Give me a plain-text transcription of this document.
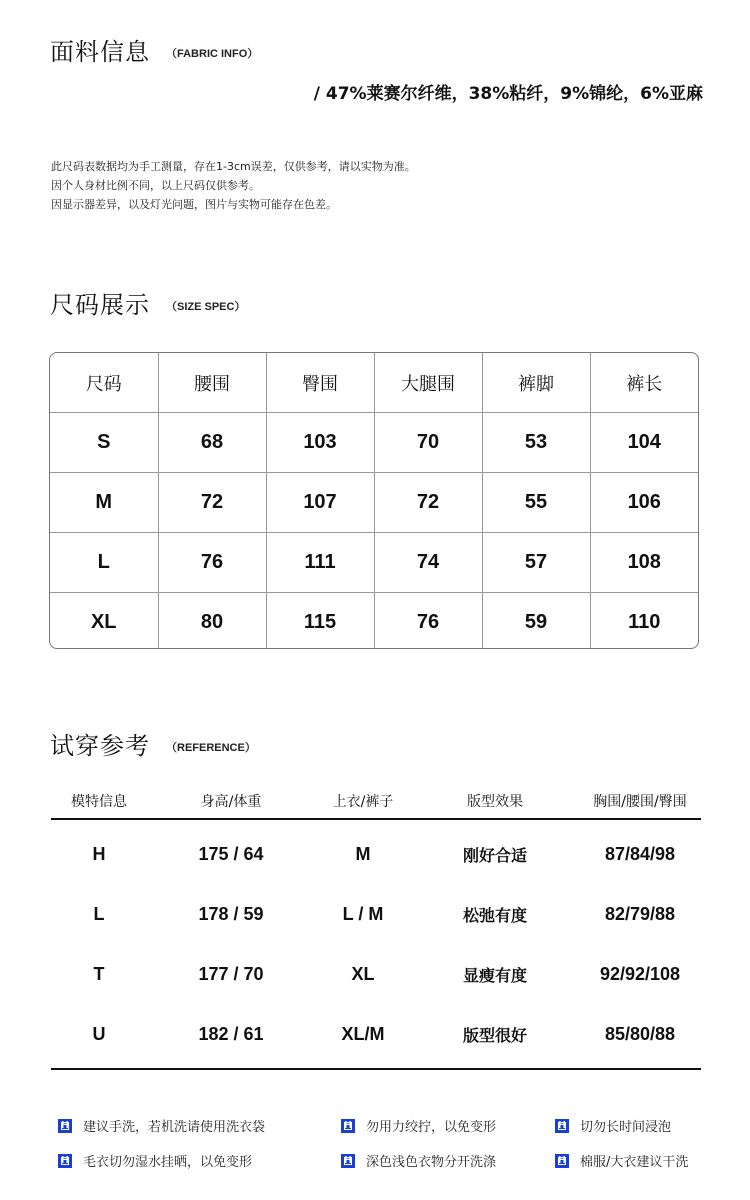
面料信息 （FABRIC INFO）
/ 47%莱赛尔纤维，38%粘纤，9%锦纶，6%亚麻
此尺码表数据均为手工测量，存在1-3cm误差，仅供参考，请以实物为准。
因个人身材比例不同，以上尺码仅供参考。
因显示器差异，以及灯光问题，图片与实物可能存在色差。
尺码展示 （SIZE SPEC）
尺码	腰围	臀围	大腿围	裤脚	裤长
S	68	103	70	53	104
M	72	107	72	55	106
L	76	111	74	57	108
XL	80	115	76	59	110
试穿参考 （REFERENCE）
模特信息	身高/体重	上衣/裤子	版型效果	胸围/腰围/臀围
H	175 / 64	M	刚好合适	87/84/98
L	178 / 59	L / M	松弛有度	82/79/88
T	177 / 70	XL	显瘦有度	92/92/108
U	182 / 61	XL/M	版型很好	85/80/88
H 建议手洗，若机洗请使用洗衣袋	H 勿用力绞拧，以免变形	H 切勿长时间浸泡
H 毛衣切勿湿水挂晒，以免变形	H 深色浅色衣物分开洗涤	H 棉服/大衣建议干洗
